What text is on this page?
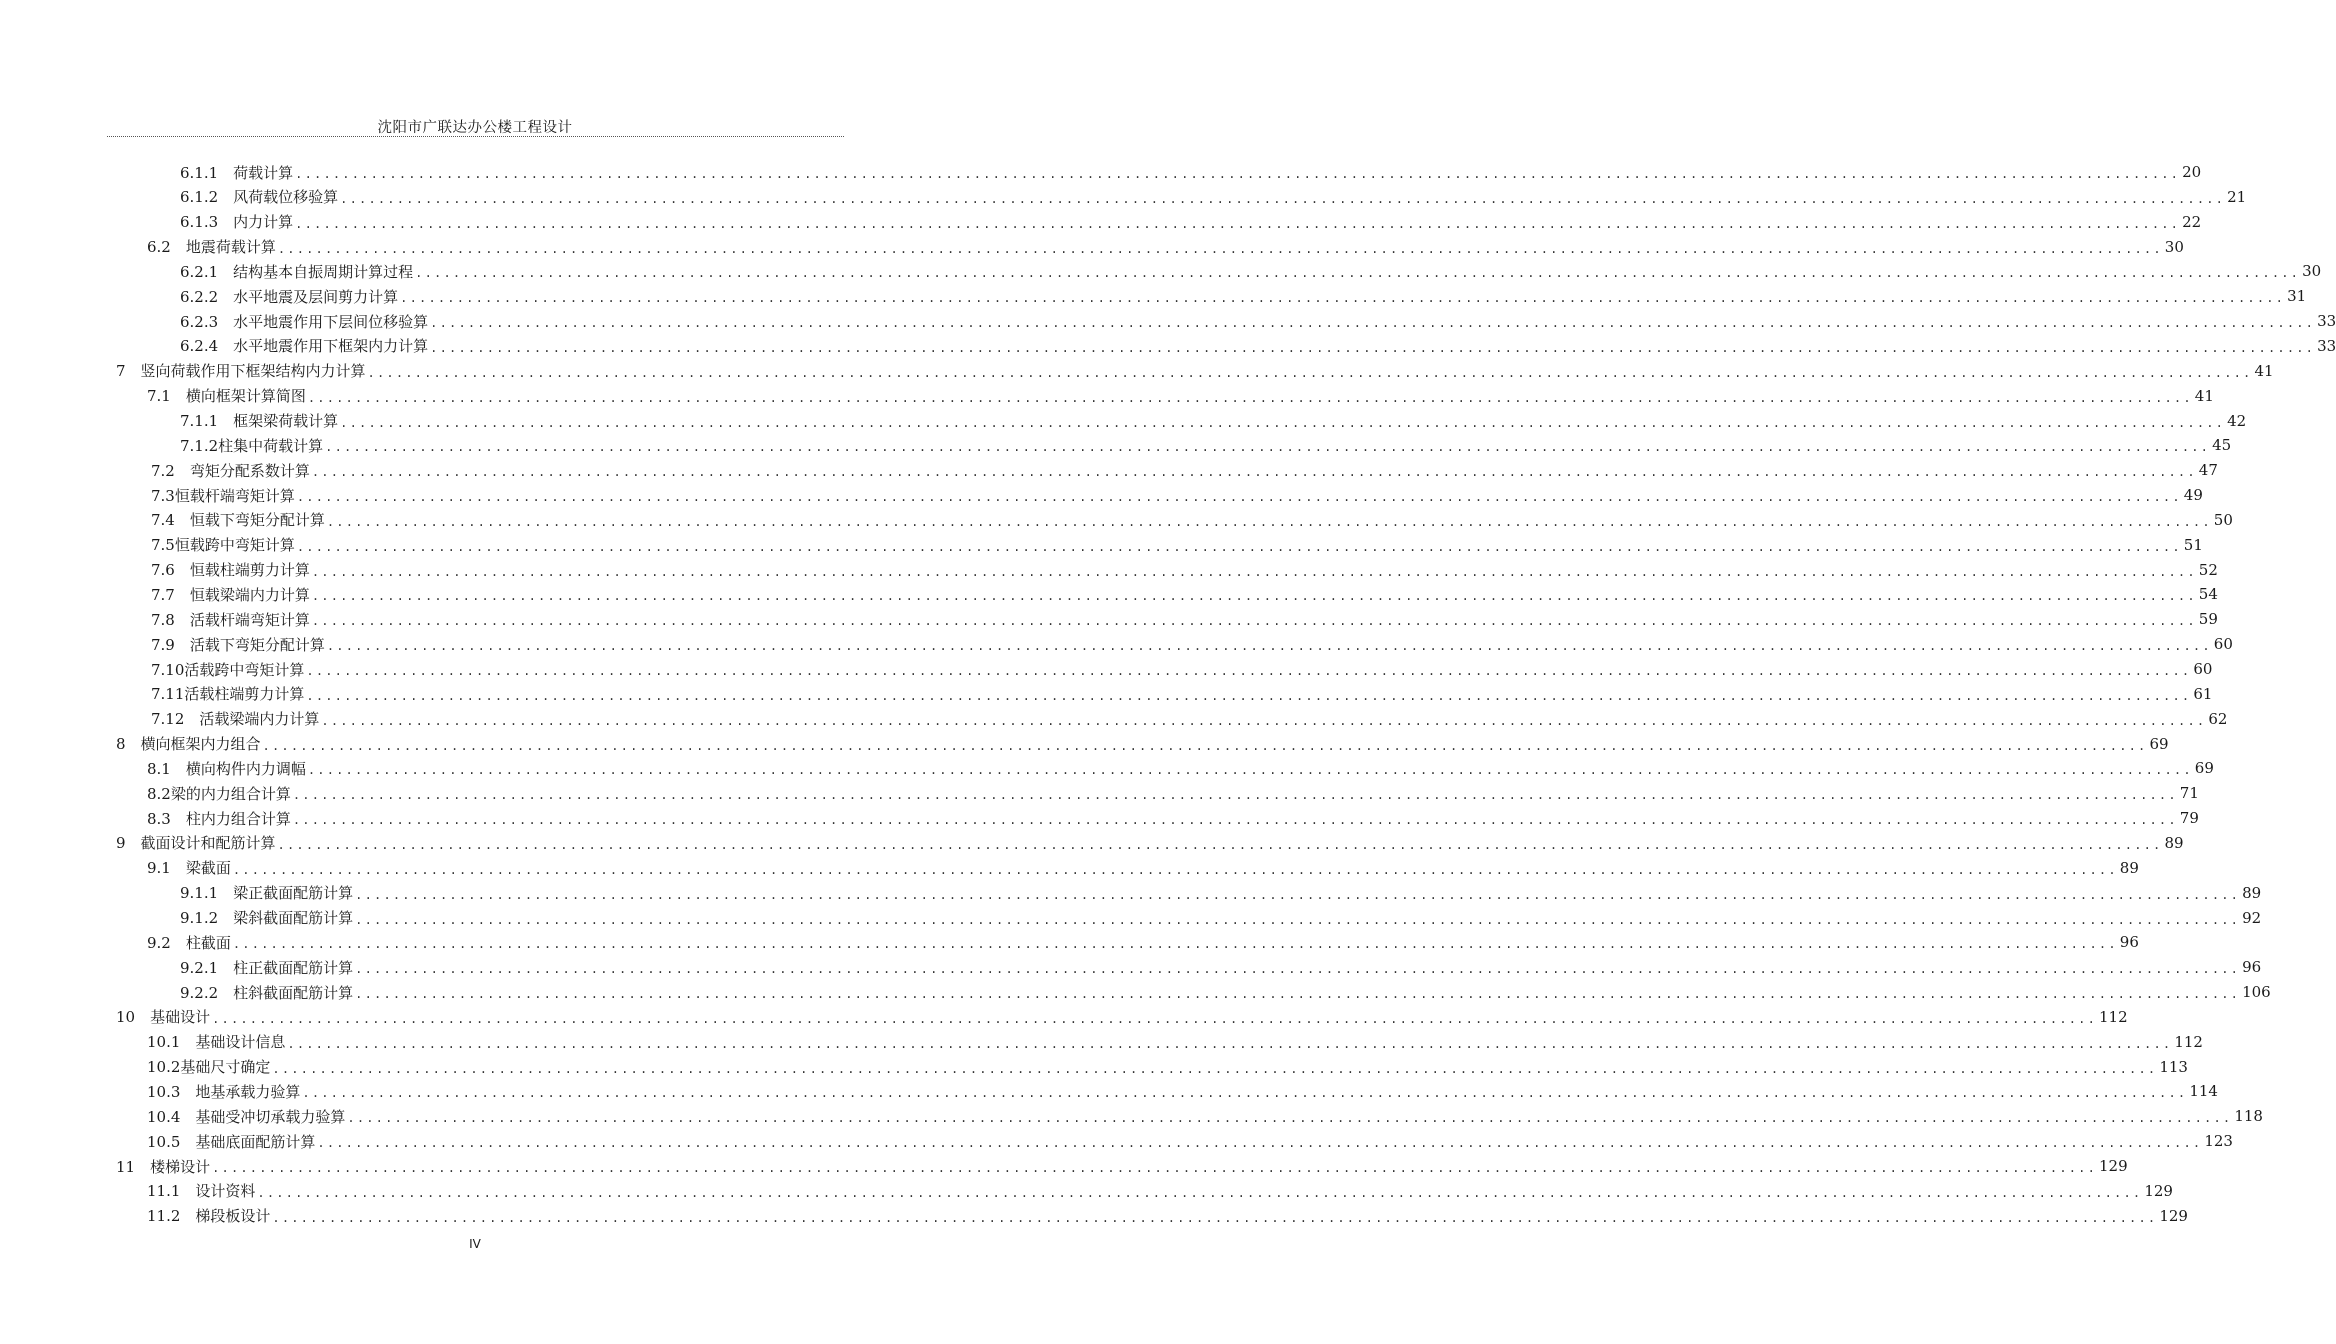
沈阳市广联达办公楼工程设计
6.1.1　荷载计算 ........................................................................................................................................................................................................ 20
6.1.2　风荷载位移验算 ........................................................................................................................................................................................................ 21
6.1.3　内力计算 ........................................................................................................................................................................................................ 22
6.2　地震荷载计算 ........................................................................................................................................................................................................ 30
6.2.1　结构基本自振周期计算过程 ........................................................................................................................................................................................................ 30
6.2.2　水平地震及层间剪力计算 ........................................................................................................................................................................................................ 31
6.2.3　水平地震作用下层间位移验算 ........................................................................................................................................................................................................ 33
6.2.4　水平地震作用下框架内力计算 ........................................................................................................................................................................................................ 33
7　竖向荷载作用下框架结构内力计算 ........................................................................................................................................................................................................ 41
7.1　横向框架计算简图 ........................................................................................................................................................................................................ 41
7.1.1　框架梁荷载计算 ........................................................................................................................................................................................................ 42
7.1.2柱集中荷载计算 ........................................................................................................................................................................................................ 45
7.2　弯矩分配系数计算 ........................................................................................................................................................................................................ 47
7.3恒载杆端弯矩计算 ........................................................................................................................................................................................................ 49
7.4　恒载下弯矩分配计算 ........................................................................................................................................................................................................ 50
7.5恒载跨中弯矩计算 ........................................................................................................................................................................................................ 51
7.6　恒载柱端剪力计算 ........................................................................................................................................................................................................ 52
7.7　恒载梁端内力计算 ........................................................................................................................................................................................................ 54
7.8　活载杆端弯矩计算 ........................................................................................................................................................................................................ 59
7.9　活载下弯矩分配计算 ........................................................................................................................................................................................................ 60
7.10活载跨中弯矩计算 ........................................................................................................................................................................................................ 60
7.11活载柱端剪力计算 ........................................................................................................................................................................................................ 61
7.12　活载梁端内力计算 ........................................................................................................................................................................................................ 62
8　横向框架内力组合 ........................................................................................................................................................................................................ 69
8.1　横向构件内力调幅 ........................................................................................................................................................................................................ 69
8.2梁的内力组合计算 ........................................................................................................................................................................................................ 71
8.3　柱内力组合计算 ........................................................................................................................................................................................................ 79
9　截面设计和配筋计算 ........................................................................................................................................................................................................ 89
9.1　梁截面 ........................................................................................................................................................................................................ 89
9.1.1　梁正截面配筋计算 ........................................................................................................................................................................................................ 89
9.1.2　梁斜截面配筋计算 ........................................................................................................................................................................................................ 92
9.2　柱截面 ........................................................................................................................................................................................................ 96
9.2.1　柱正截面配筋计算 ........................................................................................................................................................................................................ 96
9.2.2　柱斜截面配筋计算 ........................................................................................................................................................................................................ 106
10　基础设计 ........................................................................................................................................................................................................ 112
10.1　基础设计信息 ........................................................................................................................................................................................................ 112
10.2基础尺寸确定 ........................................................................................................................................................................................................ 113
10.3　地基承载力验算 ........................................................................................................................................................................................................ 114
10.4　基础受冲切承载力验算 ........................................................................................................................................................................................................ 118
10.5　基础底面配筋计算 ........................................................................................................................................................................................................ 123
11　楼梯设计 ........................................................................................................................................................................................................ 129
11.1　设计资料 ........................................................................................................................................................................................................ 129
11.2　梯段板设计 ........................................................................................................................................................................................................ 129
IV
